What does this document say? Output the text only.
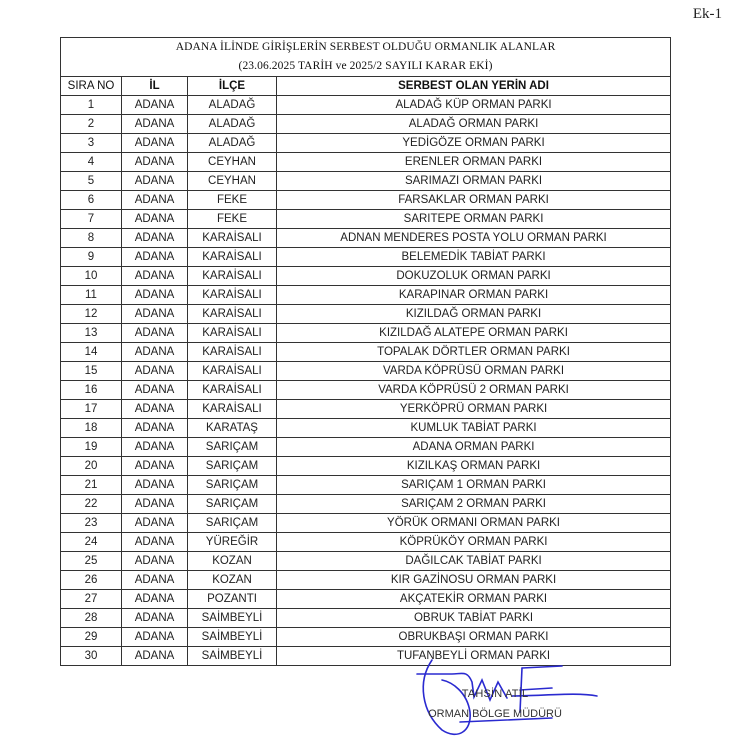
Ek-1
ADANA İLİNDE GİRİŞLERİN SERBEST OLDUĞU ORMANLIK ALANLAR
(23.06.2025 TARİH ve 2025/2 SAYILI KARAR EKİ)			

SIRA NO	İL	İLÇE	SERBEST OLAN YERİN ADI
1	ADANA	ALADAĞ	ALADAĞ KÜP ORMAN PARKI
2	ADANA	ALADAĞ	ALADAĞ ORMAN PARKI
3	ADANA	ALADAĞ	YEDİGÖZE ORMAN PARKI
4	ADANA	CEYHAN	ERENLER ORMAN PARKI
5	ADANA	CEYHAN	SARIMAZI ORMAN PARKI
6	ADANA	FEKE	FARSAKLAR ORMAN PARKI
7	ADANA	FEKE	SARITEPE ORMAN PARKI
8	ADANA	KARAİSALI	ADNAN MENDERES POSTA YOLU ORMAN PARKI
9	ADANA	KARAİSALI	BELEMEDİK TABİAT PARKI
10	ADANA	KARAİSALI	DOKUZOLUK ORMAN PARKI
11	ADANA	KARAİSALI	KARAPINAR ORMAN PARKI
12	ADANA	KARAİSALI	KIZILDAĞ ORMAN PARKI
13	ADANA	KARAİSALI	KIZILDAĞ ALATEPE ORMAN PARKI
14	ADANA	KARAİSALI	TOPALAK DÖRTLER ORMAN PARKI
15	ADANA	KARAİSALI	VARDA KÖPRÜSÜ ORMAN PARKI
16	ADANA	KARAİSALI	VARDA KÖPRÜSÜ 2 ORMAN PARKI
17	ADANA	KARAİSALI	YERKÖPRÜ ORMAN PARKI
18	ADANA	KARATAŞ	KUMLUK TABİAT PARKI
19	ADANA	SARIÇAM	ADANA ORMAN PARKI
20	ADANA	SARIÇAM	KIZILKAŞ ORMAN PARKI
21	ADANA	SARIÇAM	SARIÇAM 1 ORMAN PARKI
22	ADANA	SARIÇAM	SARIÇAM 2 ORMAN PARKI
23	ADANA	SARIÇAM	YÖRÜK ORMANI ORMAN PARKI
24	ADANA	YÜREĞİR	KÖPRÜKÖY ORMAN PARKI
25	ADANA	KOZAN	DAĞILCAK TABİAT PARKI
26	ADANA	KOZAN	KIR GAZİNOSU ORMAN PARKI
27	ADANA	POZANTI	AKÇATEKİR ORMAN PARKI
28	ADANA	SAİMBEYLİ	OBRUK TABİAT PARKI
29	ADANA	SAİMBEYLİ	OBRUKBAŞI ORMAN PARKI
30	ADANA	SAİMBEYLİ	TUFANBEYLİ ORMAN PARKI
TAHSİN ATİL
ORMAN BÖLGE MÜDÜRÜ
